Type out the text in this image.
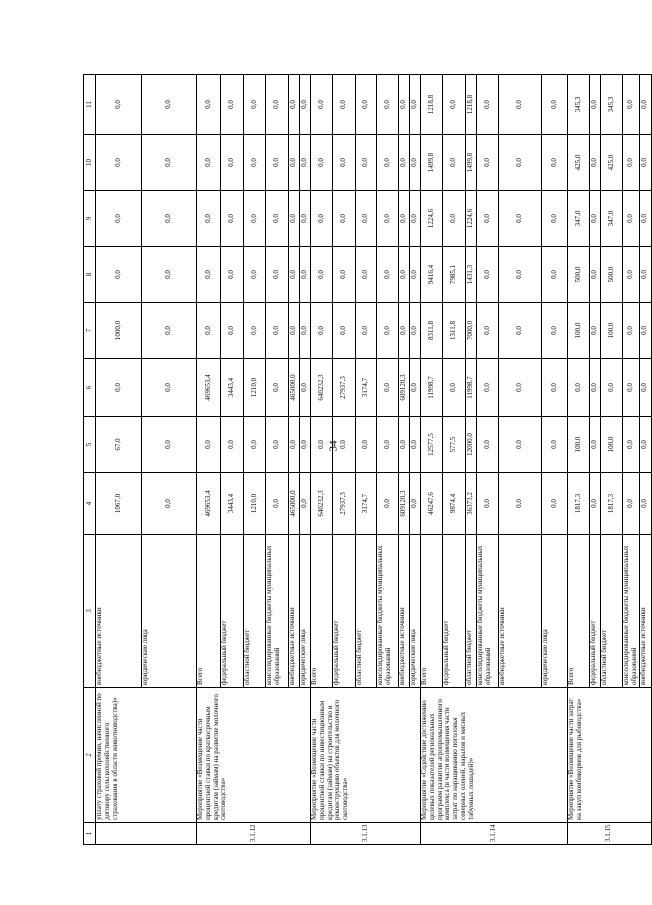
34
1	2	3	4	5	6	7	8	9	10	11
	уплату страховой премии, начисленной по договору сельскохозяйственного страхования в области животноводства)»	внебюджетные источники	1067,0	67,0	0,0	1000,0	0,0	0,0	0,0	0,0
		юридические лица	0,0	0,0	0,0	0,0	0,0	0,0	0,0	0,0
3.1.12	Мероприятие «Возмещение части процентной ставки по краткосрочным кредитам (займам) на развитие молочного скотоводства»	Всего	469653,4	0,0	469653,4	0,0	0,0	0,0	0,0	0,0
		федеральный бюджет	3443,4	0,0	3443,4	0,0	0,0	0,0	0,0	0,0
		областной бюджет	1210,0	0,0	1210,0	0,0	0,0	0,0	0,0	0,0
		консолидированные бюджеты муниципальных образований	0,0	0,0	0,0	0,0	0,0	0,0	0,0	0,0
		внебюджетные источники	465000,0	0,0	465000,0	0,0	0,0	0,0	0,0	0,0
		юридические лица	0,0	0,0	0,0	0,0	0,0	0,0	0,0	0,0
3.1.13	Мероприятие «Возмещение части процентной ставки по инвестиционным кредитам (займам) на строительство и реконструкцию объектов для молочного скотоводства»	Всего	640232,3	0,0	640232,3	0,0	0,0	0,0	0,0	0,0
		федеральный бюджет	27937,3	0,0	27937,3	0,0	0,0	0,0	0,0	0,0
		областной бюджет	3174,7	0,0	3174,7	0,0	0,0	0,0	0,0	0,0
		консолидированные бюджеты муниципальных образований	0,0	0,0	0,0	0,0	0,0	0,0	0,0	0,0
		внебюджетные источники	609120,3	0,0	609120,3	0,0	0,0	0,0	0,0	0,0
		юридические лица	0,0	0,0	0,0	0,0	0,0	0,0	0,0	0,0
3.1.14	Мероприятие «Содействие достижению целевых показателей региональных программ развития агропромышленного комплекса (в части возмещения части затрат по наращиванию поголовья северных оленей, маралов и мясных табунных лошадей)»	Всего	46247,6	12577,5	11998,7	8311,8	9416,4	1224,6	1499,8	1218,8
		федеральный бюджет	9874,4	577,5	0,0	1311,8	7985,1	0,0	0,0	0,0
		областной бюджет	36373,2	12000,0	11998,7	7000,0	1431,3	1224,6	1499,8	1218,8
		консолидированные бюджеты муниципальных образований	0,0	0,0	0,0	0,0	0,0	0,0	0,0	0,0
		внебюджетные источники	0,0	0,0	0,0	0,0	0,0	0,0	0,0	0,0
		юридические лица	0,0	0,0	0,0	0,0	0,0	0,0	0,0	0,0
3.1.15	Мероприятие «Возмещение части затрат на закуп комбикормов для рыбоводства»	Всего	1817,3	100,0	0,0	100,0	500,0	347,0	425,0	345,3
		федеральный бюджет	0,0	0,0	0,0	0,0	0,0	0,0	0,0	0,0
		областной бюджет	1817,3	100,0	0,0	100,0	500,0	347,0	425,0	345,3
		консолидированные бюджеты муниципальных образований	0,0	0,0	0,0	0,0	0,0	0,0	0,0	0,0
		внебюджетные источники	0,0	0,0	0,0	0,0	0,0	0,0	0,0	0,0
